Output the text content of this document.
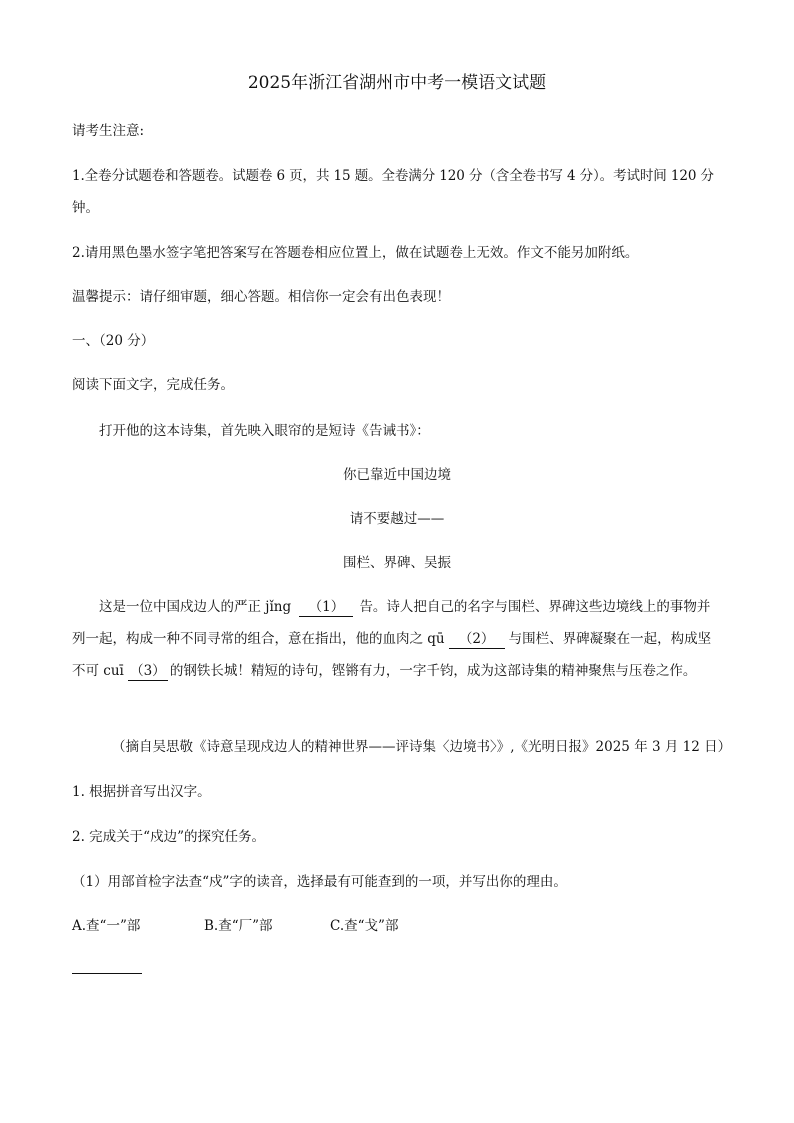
2025年浙江省湖州市中考一模语文试题
请考生注意:
1.全卷分试题卷和答题卷。试题卷 6 页，共 15 题。全卷满分 120 分（含全卷书写 4 分）。考试时间 120 分
钟。
2.请用黑色墨水签字笔把答案写在答题卷相应位置上，做在试题卷上无效。作文不能另加附纸。
温馨提示：请仔细审题，细心答题。相信你一定会有出色表现！
一、（20 分）
阅读下面文字，完成任务。
打开他的这本诗集，首先映入眼帘的是短诗《告诫书》：
你已靠近中国边境
请不要越过——
围栏、界碑、吴振
这是一位中国戍边人的严正 jǐng （1） 告。诗人把自己的名字与围栏、界碑这些边境线上的事物并列一起，构成一种不同寻常的组合，意在指出，他的血肉之 qū （2） 与围栏、界碑凝聚在一起，构成坚不可 cuī （3） 的钢铁长城！精短的诗句，铿锵有力，一字千钧，成为这部诗集的精神聚焦与压卷之作。
（摘自吴思敬《诗意呈现戍边人的精神世界——评诗集〈边境书〉》,《光明日报》2025 年 3 月 12 日）
1. 根据拼音写出汉字。
2. 完成关于“戍边”的探究任务。
（1）用部首检字法查“戍”字的读音，选择最有可能查到的一项，并写出你的理由。
A.查“一”部	B.查“厂”部	C.查“戈”部
